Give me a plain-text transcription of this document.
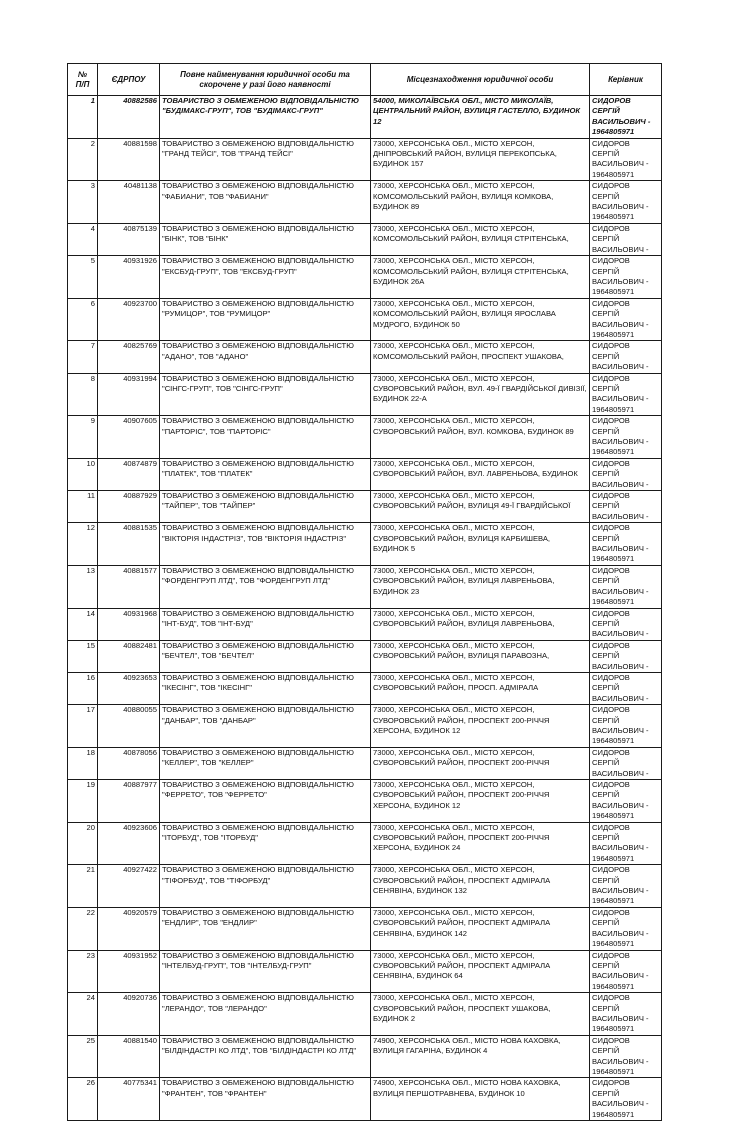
№
П/П	ЄДРПОУ	Повне найменування юридичної особи та скорочене у разі його наявності	Місцезнаходження юридичної особи	Керівник
1	40882586	ТОВАРИСТВО З ОБМЕЖЕНОЮ ВІДПОВІДАЛЬНІСТЮ "БУДІМАКС-ГРУП", ТОВ "БУДІМАКС-ГРУП"	54000, МИКОЛАЇВСЬКА ОБЛ., МІСТО МИКОЛАЇВ, ЦЕНТРАЛЬНИЙ РАЙОН, ВУЛИЦЯ ГАСТЕЛЛО, БУДИНОК 12	СИДОРОВ СЕРГІЙ ВАСИЛЬОВИЧ - 1964805971
2	40881598	ТОВАРИСТВО З ОБМЕЖЕНОЮ ВІДПОВІДАЛЬНІСТЮ "ГРАНД ТЕЙСІ", ТОВ "ГРАНД ТЕЙСІ"	73000, ХЕРСОНСЬКА ОБЛ., МІСТО ХЕРСОН, ДНІПРОВСЬКИЙ РАЙОН, ВУЛИЦЯ ПЕРЕКОПСЬКА, БУДИНОК 157	СИДОРОВ СЕРГІЙ ВАСИЛЬОВИЧ - 1964805971
3	40481138	ТОВАРИСТВО З ОБМЕЖЕНОЮ ВІДПОВІДАЛЬНІСТЮ "ФАБИАНИ", ТОВ "ФАБИАНИ"	73000, ХЕРСОНСЬКА ОБЛ., МІСТО ХЕРСОН, КОМСОМОЛЬСЬКИЙ РАЙОН, ВУЛИЦЯ КОМКОВА, БУДИНОК 89	СИДОРОВ СЕРГІЙ ВАСИЛЬОВИЧ - 1964805971
4	40875139	ТОВАРИСТВО З ОБМЕЖЕНОЮ ВІДПОВІДАЛЬНІСТЮ "БІНК", ТОВ "БІНК"	73000, ХЕРСОНСЬКА ОБЛ., МІСТО ХЕРСОН, КОМСОМОЛЬСЬКИЙ РАЙОН, ВУЛИЦЯ СТРІТЕНСЬКА,	СИДОРОВ СЕРГІЙ ВАСИЛЬОВИЧ -
5	40931926	ТОВАРИСТВО З ОБМЕЖЕНОЮ ВІДПОВІДАЛЬНІСТЮ "ЕКСБУД-ГРУП", ТОВ "ЕКСБУД-ГРУП"	73000, ХЕРСОНСЬКА ОБЛ., МІСТО ХЕРСОН, КОМСОМОЛЬСЬКИЙ РАЙОН, ВУЛИЦЯ СТРІТЕНСЬКА, БУДИНОК 26А	СИДОРОВ СЕРГІЙ ВАСИЛЬОВИЧ - 1964805971
6	40923700	ТОВАРИСТВО З ОБМЕЖЕНОЮ ВІДПОВІДАЛЬНІСТЮ "РУМИЦОР", ТОВ "РУМИЦОР"	73000, ХЕРСОНСЬКА ОБЛ., МІСТО ХЕРСОН, КОМСОМОЛЬСЬКИЙ РАЙОН, ВУЛИЦЯ ЯРОСЛАВА МУДРОГО, БУДИНОК 50	СИДОРОВ СЕРГІЙ ВАСИЛЬОВИЧ - 1964805971
7	40825769	ТОВАРИСТВО З ОБМЕЖЕНОЮ ВІДПОВІДАЛЬНІСТЮ "АДАНО", ТОВ "АДАНО"	73000, ХЕРСОНСЬКА ОБЛ., МІСТО ХЕРСОН, КОМСОМОЛЬСЬКИЙ РАЙОН, ПРОСПЕКТ УШАКОВА,	СИДОРОВ СЕРГІЙ ВАСИЛЬОВИЧ -
8	40931994	ТОВАРИСТВО З ОБМЕЖЕНОЮ ВІДПОВІДАЛЬНІСТЮ "СІНГС-ГРУП", ТОВ "СІНГС-ГРУП"	73000, ХЕРСОНСЬКА ОБЛ., МІСТО ХЕРСОН, СУВОРОВСЬКИЙ РАЙОН, ВУЛ. 49-Ї ГВАРДІЙСЬКОЇ ДИВІЗІЇ, БУДИНОК 22-А	СИДОРОВ СЕРГІЙ ВАСИЛЬОВИЧ - 1964805971
9	40907605	ТОВАРИСТВО З ОБМЕЖЕНОЮ ВІДПОВІДАЛЬНІСТЮ "ПАРТОРІС", ТОВ "ПАРТОРІС"	73000, ХЕРСОНСЬКА ОБЛ., МІСТО ХЕРСОН, СУВОРОВСЬКИЙ РАЙОН, ВУЛ. КОМКОВА, БУДИНОК 89	СИДОРОВ СЕРГІЙ ВАСИЛЬОВИЧ - 1964805971
10	40874879	ТОВАРИСТВО З ОБМЕЖЕНОЮ ВІДПОВІДАЛЬНІСТЮ "ПЛАТЕК", ТОВ "ПЛАТЕК"	73000, ХЕРСОНСЬКА ОБЛ., МІСТО ХЕРСОН, СУВОРОВСЬКИЙ РАЙОН, ВУЛ. ЛАВРЕНЬОВА, БУДИНОК	СИДОРОВ СЕРГІЙ ВАСИЛЬОВИЧ -
11	40887929	ТОВАРИСТВО З ОБМЕЖЕНОЮ ВІДПОВІДАЛЬНІСТЮ "ТАЙПЕР", ТОВ "ТАЙПЕР"	73000, ХЕРСОНСЬКА ОБЛ., МІСТО ХЕРСОН, СУВОРОВСЬКИЙ РАЙОН, ВУЛИЦЯ 49-Ї ГВАРДІЙСЬКОЇ	СИДОРОВ СЕРГІЙ ВАСИЛЬОВИЧ -
12	40881535	ТОВАРИСТВО З ОБМЕЖЕНОЮ ВІДПОВІДАЛЬНІСТЮ "ВІКТОРІЯ ІНДАСТРІЗ", ТОВ "ВІКТОРІЯ ІНДАСТРІЗ"	73000, ХЕРСОНСЬКА ОБЛ., МІСТО ХЕРСОН, СУВОРОВСЬКИЙ РАЙОН, ВУЛИЦЯ КАРБИШЕВА, БУДИНОК 5	СИДОРОВ СЕРГІЙ ВАСИЛЬОВИЧ - 1964805971
13	40881577	ТОВАРИСТВО З ОБМЕЖЕНОЮ ВІДПОВІДАЛЬНІСТЮ "ФОРДЕНГРУП ЛТД", ТОВ "ФОРДЕНГРУП ЛТД"	73000, ХЕРСОНСЬКА ОБЛ., МІСТО ХЕРСОН, СУВОРОВСЬКИЙ РАЙОН, ВУЛИЦЯ ЛАВРЕНЬОВА, БУДИНОК 23	СИДОРОВ СЕРГІЙ ВАСИЛЬОВИЧ - 1964805971
14	40931968	ТОВАРИСТВО З ОБМЕЖЕНОЮ ВІДПОВІДАЛЬНІСТЮ "ІНТ-БУД", ТОВ "ІНТ-БУД"	73000, ХЕРСОНСЬКА ОБЛ., МІСТО ХЕРСОН, СУВОРОВСЬКИЙ РАЙОН, ВУЛИЦЯ ЛАВРЕНЬОВА,	СИДОРОВ СЕРГІЙ ВАСИЛЬОВИЧ -
15	40882481	ТОВАРИСТВО З ОБМЕЖЕНОЮ ВІДПОВІДАЛЬНІСТЮ "БЕЧТЕЛ", ТОВ "БЕЧТЕЛ"	73000, ХЕРСОНСЬКА ОБЛ., МІСТО ХЕРСОН, СУВОРОВСЬКИЙ РАЙОН, ВУЛИЦЯ ПАРАВОЗНА,	СИДОРОВ СЕРГІЙ ВАСИЛЬОВИЧ -
16	40923653	ТОВАРИСТВО З ОБМЕЖЕНОЮ ВІДПОВІДАЛЬНІСТЮ "ІКЕСІНГ", ТОВ "ІКЕСІНГ"	73000, ХЕРСОНСЬКА ОБЛ., МІСТО ХЕРСОН, СУВОРОВСЬКИЙ РАЙОН, ПРОСП. АДМІРАЛА	СИДОРОВ СЕРГІЙ ВАСИЛЬОВИЧ -
17	40880055	ТОВАРИСТВО З ОБМЕЖЕНОЮ ВІДПОВІДАЛЬНІСТЮ "ДАНБАР", ТОВ "ДАНБАР"	73000, ХЕРСОНСЬКА ОБЛ., МІСТО ХЕРСОН, СУВОРОВСЬКИЙ РАЙОН, ПРОСПЕКТ 200-РІЧЧЯ ХЕРСОНА, БУДИНОК 12	СИДОРОВ СЕРГІЙ ВАСИЛЬОВИЧ - 1964805971
18	40878056	ТОВАРИСТВО З ОБМЕЖЕНОЮ ВІДПОВІДАЛЬНІСТЮ "КЕЛЛЕР", ТОВ "КЕЛЛЕР"	73000, ХЕРСОНСЬКА ОБЛ., МІСТО ХЕРСОН, СУВОРОВСЬКИЙ РАЙОН, ПРОСПЕКТ 200-РІЧЧЯ	СИДОРОВ СЕРГІЙ ВАСИЛЬОВИЧ -
19	40887977	ТОВАРИСТВО З ОБМЕЖЕНОЮ ВІДПОВІДАЛЬНІСТЮ "ФЕРРЕТО", ТОВ "ФЕРРЕТО"	73000, ХЕРСОНСЬКА ОБЛ., МІСТО ХЕРСОН, СУВОРОВСЬКИЙ РАЙОН, ПРОСПЕКТ 200-РІЧЧЯ ХЕРСОНА, БУДИНОК 12	СИДОРОВ СЕРГІЙ ВАСИЛЬОВИЧ - 1964805971
20	40923606	ТОВАРИСТВО З ОБМЕЖЕНОЮ ВІДПОВІДАЛЬНІСТЮ "ІТОРБУД", ТОВ "ІТОРБУД"	73000, ХЕРСОНСЬКА ОБЛ., МІСТО ХЕРСОН, СУВОРОВСЬКИЙ РАЙОН, ПРОСПЕКТ 200-РІЧЧЯ ХЕРСОНА, БУДИНОК 24	СИДОРОВ СЕРГІЙ ВАСИЛЬОВИЧ - 1964805971
21	40927422	ТОВАРИСТВО З ОБМЕЖЕНОЮ ВІДПОВІДАЛЬНІСТЮ "ТІФОРБУД", ТОВ "ТІФОРБУД"	73000, ХЕРСОНСЬКА ОБЛ., МІСТО ХЕРСОН, СУВОРОВСЬКИЙ РАЙОН, ПРОСПЕКТ АДМІРАЛА СЕНЯВІНА, БУДИНОК 132	СИДОРОВ СЕРГІЙ ВАСИЛЬОВИЧ - 1964805971
22	40920579	ТОВАРИСТВО З ОБМЕЖЕНОЮ ВІДПОВІДАЛЬНІСТЮ "ЕНДЛИР", ТОВ "ЕНДЛИР"	73000, ХЕРСОНСЬКА ОБЛ., МІСТО ХЕРСОН, СУВОРОВСЬКИЙ РАЙОН, ПРОСПЕКТ АДМІРАЛА СЕНЯВІНА, БУДИНОК 142	СИДОРОВ СЕРГІЙ ВАСИЛЬОВИЧ - 1964805971
23	40931952	ТОВАРИСТВО З ОБМЕЖЕНОЮ ВІДПОВІДАЛЬНІСТЮ "ІНТЕЛБУД-ГРУП", ТОВ "ІНТЕЛБУД-ГРУП"	73000, ХЕРСОНСЬКА ОБЛ., МІСТО ХЕРСОН, СУВОРОВСЬКИЙ РАЙОН, ПРОСПЕКТ АДМІРАЛА СЕНЯВІНА, БУДИНОК 64	СИДОРОВ СЕРГІЙ ВАСИЛЬОВИЧ - 1964805971
24	40920736	ТОВАРИСТВО З ОБМЕЖЕНОЮ ВІДПОВІДАЛЬНІСТЮ "ЛЕРАНДО", ТОВ "ЛЕРАНДО"	73000, ХЕРСОНСЬКА ОБЛ., МІСТО ХЕРСОН, СУВОРОВСЬКИЙ РАЙОН, ПРОСПЕКТ УШАКОВА, БУДИНОК 2	СИДОРОВ СЕРГІЙ ВАСИЛЬОВИЧ - 1964805971
25	40881540	ТОВАРИСТВО З ОБМЕЖЕНОЮ ВІДПОВІДАЛЬНІСТЮ "БІЛДІНДАСТРІ КО ЛТД", ТОВ "БІЛДІНДАСТРІ КО ЛТД"	74900, ХЕРСОНСЬКА ОБЛ., МІСТО НОВА КАХОВКА, ВУЛИЦЯ ГАГАРІНА, БУДИНОК 4	СИДОРОВ СЕРГІЙ ВАСИЛЬОВИЧ - 1964805971
26	40775341	ТОВАРИСТВО З ОБМЕЖЕНОЮ ВІДПОВІДАЛЬНІСТЮ "ФРАНТЕН", ТОВ "ФРАНТЕН"	74900, ХЕРСОНСЬКА ОБЛ., МІСТО НОВА КАХОВКА, ВУЛИЦЯ ПЕРШОТРАВНЕВА, БУДИНОК 10	СИДОРОВ СЕРГІЙ ВАСИЛЬОВИЧ - 1964805971
